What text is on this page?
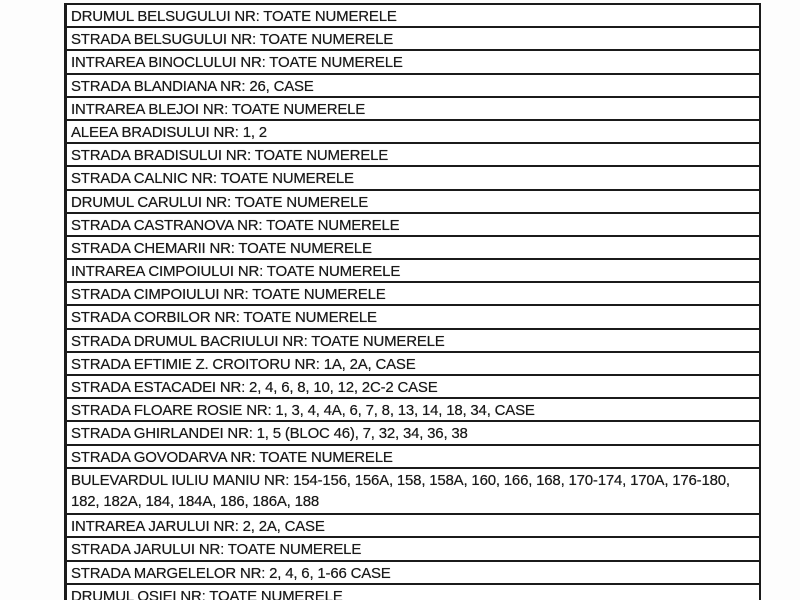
DRUMUL BELSUGULUI NR: TOATE NUMERELE
STRADA BELSUGULUI NR: TOATE NUMERELE
INTRAREA BINOCLULUI NR: TOATE NUMERELE
STRADA BLANDIANA NR: 26, CASE
INTRAREA BLEJOI NR: TOATE NUMERELE
ALEEA BRADISULUI NR: 1, 2
STRADA BRADISULUI NR: TOATE NUMERELE
STRADA CALNIC NR: TOATE NUMERELE
DRUMUL CARULUI NR: TOATE NUMERELE
STRADA CASTRANOVA NR: TOATE NUMERELE
STRADA CHEMARII NR: TOATE NUMERELE
INTRAREA CIMPOIULUI NR: TOATE NUMERELE
STRADA CIMPOIULUI NR: TOATE NUMERELE
STRADA CORBILOR NR: TOATE NUMERELE
STRADA DRUMUL BACRIULUI NR: TOATE NUMERELE
STRADA EFTIMIE Z. CROITORU NR: 1A, 2A, CASE
STRADA ESTACADEI NR: 2, 4, 6, 8, 10, 12, 2C-2 CASE
STRADA FLOARE ROSIE NR: 1, 3, 4, 4A, 6, 7, 8, 13, 14, 18, 34, CASE
STRADA GHIRLANDEI NR: 1, 5 (BLOC 46), 7, 32, 34, 36, 38
STRADA GOVODARVA NR: TOATE NUMERELE
BULEVARDUL IULIU MANIU NR: 154-156, 156A, 158, 158A, 160, 166, 168, 170-174, 170A, 176-180, 182, 182A, 184, 184A, 186, 186A, 188
INTRAREA JARULUI NR: 2, 2A, CASE
STRADA JARULUI NR: TOATE NUMERELE
STRADA MARGELELOR NR: 2, 4, 6, 1-66 CASE
DRUMUL OSIEI NR: TOATE NUMERELE
